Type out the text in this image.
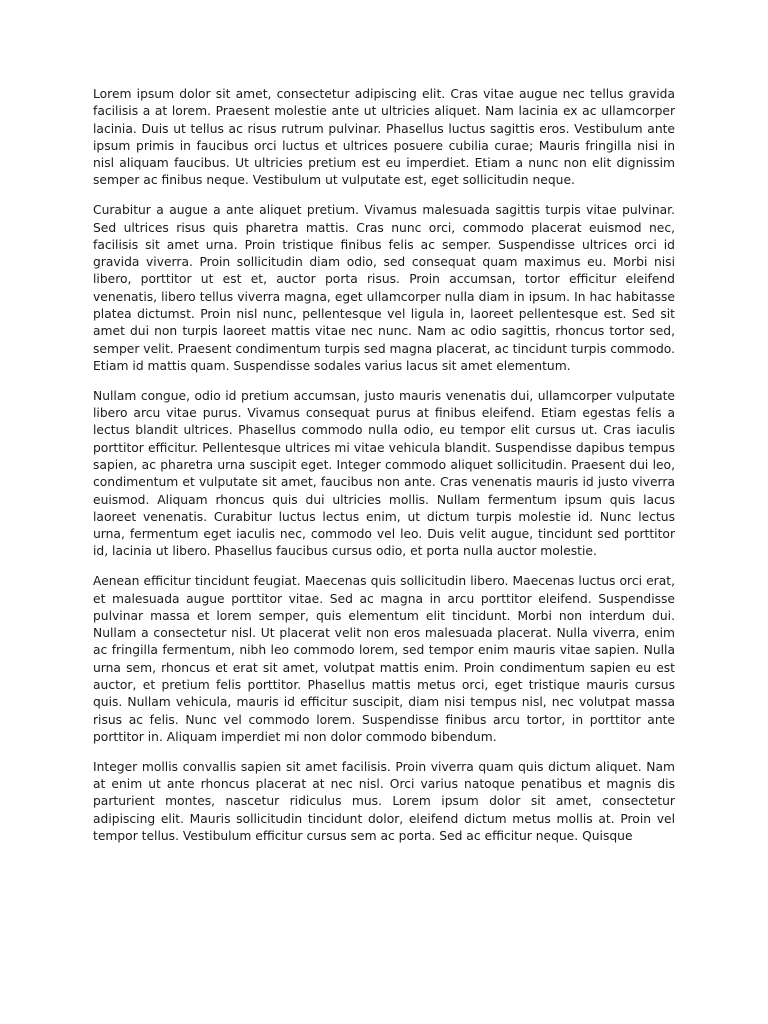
Lorem ipsum dolor sit amet, consectetur adipiscing elit. Cras vitae augue nec tellus gravida facilisis a at lorem. Praesent molestie ante ut ultricies aliquet. Nam lacinia ex ac ullamcorper lacinia. Duis ut tellus ac risus rutrum pulvinar. Phasellus luctus sagittis eros. Vestibulum ante ipsum primis in faucibus orci luctus et ultrices posuere cubilia curae; Mauris fringilla nisi in nisl aliquam faucibus. Ut ultricies pretium est eu imperdiet. Etiam a nunc non elit dignissim semper ac finibus neque. Vestibulum ut vulputate est, eget sollicitudin neque.

Curabitur a augue a ante aliquet pretium. Vivamus malesuada sagittis turpis vitae pulvinar. Sed ultrices risus quis pharetra mattis. Cras nunc orci, commodo placerat euismod nec, facilisis sit amet urna. Proin tristique finibus felis ac semper. Suspendisse ultrices orci id gravida viverra. Proin sollicitudin diam odio, sed consequat quam maximus eu. Morbi nisi libero, porttitor ut est et, auctor porta risus. Proin accumsan, tortor efficitur eleifend venenatis, libero tellus viverra magna, eget ullamcorper nulla diam in ipsum. In hac habitasse platea dictumst. Proin nisl nunc, pellentesque vel ligula in, laoreet pellentesque est. Sed sit amet dui non turpis laoreet mattis vitae nec nunc. Nam ac odio sagittis, rhoncus tortor sed, semper velit. Praesent condimentum turpis sed magna placerat, ac tincidunt turpis commodo. Etiam id mattis quam. Suspendisse sodales varius lacus sit amet elementum.

Nullam congue, odio id pretium accumsan, justo mauris venenatis dui, ullamcorper vulputate libero arcu vitae purus. Vivamus consequat purus at finibus eleifend. Etiam egestas felis a lectus blandit ultrices. Phasellus commodo nulla odio, eu tempor elit cursus ut. Cras iaculis porttitor efficitur. Pellentesque ultrices mi vitae vehicula blandit. Suspendisse dapibus tempus sapien, ac pharetra urna suscipit eget. Integer commodo aliquet sollicitudin. Praesent dui leo, condimentum et vulputate sit amet, faucibus non ante. Cras venenatis mauris id justo viverra euismod. Aliquam rhoncus quis dui ultricies mollis. Nullam fermentum ipsum quis lacus laoreet venenatis. Curabitur luctus lectus enim, ut dictum turpis molestie id. Nunc lectus urna, fermentum eget iaculis nec, commodo vel leo. Duis velit augue, tincidunt sed porttitor id, lacinia ut libero. Phasellus faucibus cursus odio, et porta nulla auctor molestie.

Aenean efficitur tincidunt feugiat. Maecenas quis sollicitudin libero. Maecenas luctus orci erat, et malesuada augue porttitor vitae. Sed ac magna in arcu porttitor eleifend. Suspendisse pulvinar massa et lorem semper, quis elementum elit tincidunt. Morbi non interdum dui. Nullam a consectetur nisl. Ut placerat velit non eros malesuada placerat. Nulla viverra, enim ac fringilla fermentum, nibh leo commodo lorem, sed tempor enim mauris vitae sapien. Nulla urna sem, rhoncus et erat sit amet, volutpat mattis enim. Proin condimentum sapien eu est auctor, et pretium felis porttitor. Phasellus mattis metus orci, eget tristique mauris cursus quis. Nullam vehicula, mauris id efficitur suscipit, diam nisi tempus nisl, nec volutpat massa risus ac felis. Nunc vel commodo lorem. Suspendisse finibus arcu tortor, in porttitor ante porttitor in. Aliquam imperdiet mi non dolor commodo bibendum.

Integer mollis convallis sapien sit amet facilisis. Proin viverra quam quis dictum aliquet. Nam at enim ut ante rhoncus placerat at nec nisl. Orci varius natoque penatibus et magnis dis parturient montes, nascetur ridiculus mus. Lorem ipsum dolor sit amet, consectetur adipiscing elit. Mauris sollicitudin tincidunt dolor, eleifend dictum metus mollis at. Proin vel tempor tellus. Vestibulum efficitur cursus sem ac porta. Sed ac efficitur neque. Quisque
